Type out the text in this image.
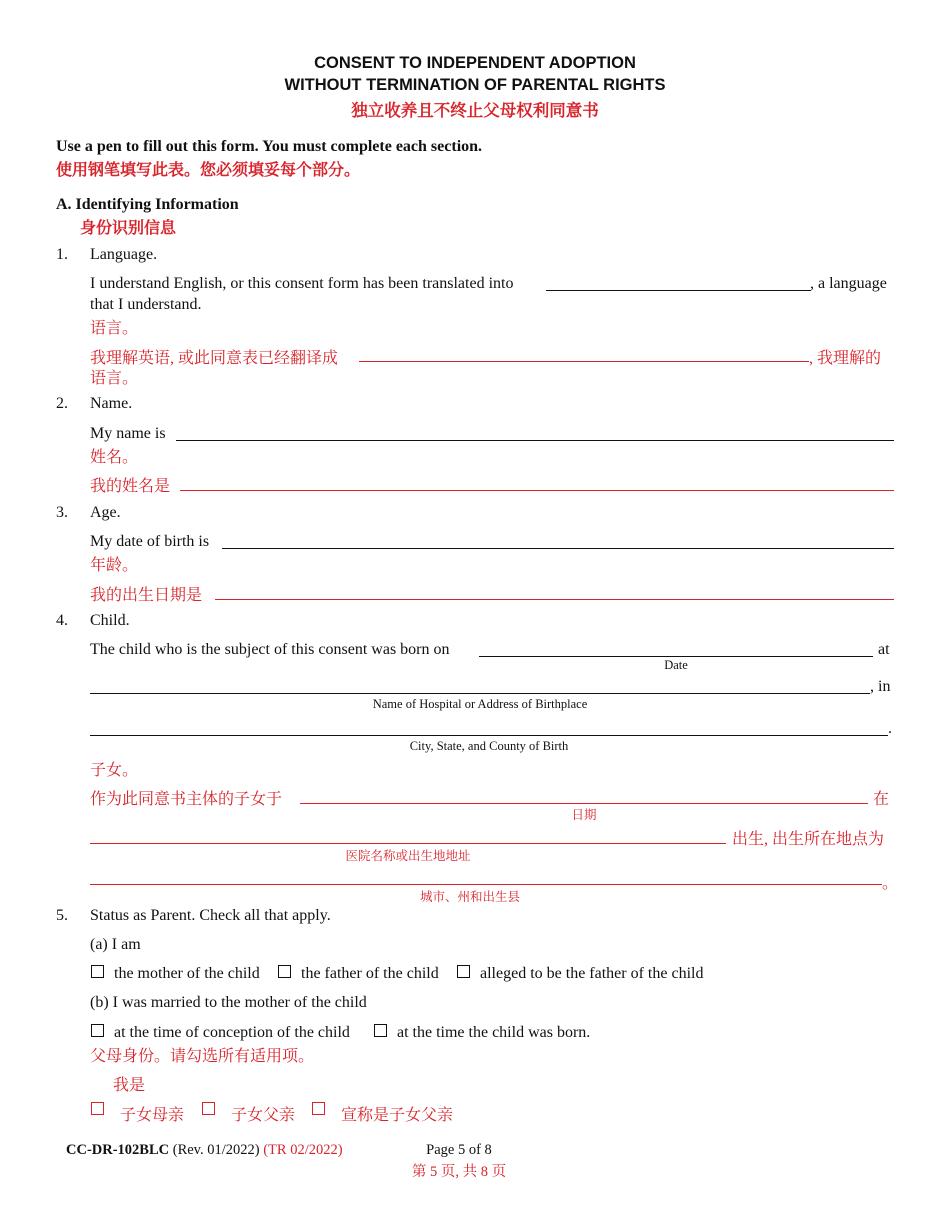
CONSENT TO INDEPENDENT ADOPTION
WITHOUT TERMINATION OF PARENTAL RIGHTS
独立收养且不终止父母权利同意书
Use a pen to fill out this form. You must complete each section.
使用钢笔填写此表。您必须填妥每个部分。
A. Identifying Information
身份识别信息
1. Language.
I understand English, or this consent form has been translated into	, a language
that I understand.
语言。
我理解英语, 或此同意表已经翻译成	, 我理解的
语言。
2. Name.
My name is
姓名。
我的姓名是
3. Age.
My date of birth is
年龄。
我的出生日期是
4. Child.
The child who is the subject of this consent was born on	at
Date
, in
Name of Hospital or Address of Birthplace
.
City, State, and County of Birth
子女。
作为此同意书主体的子女于	在
日期
出生, 出生所在地点为
医院名称或出生地地址
。
城市、州和出生县
5. Status as Parent. Check all that apply.
(a) I am
the mother of the child	the father of the child	alleged to be the father of the child
(b) I was married to the mother of the child
at the time of conception of the child	at the time the child was born.
父母身份。请勾选所有适用项。
我是
子女母亲	子女父亲	宣称是子女父亲
CC-DR-102BLC (Rev. 01/2022) (TR 02/2022)	Page 5 of 8
第 5 页, 共 8 页
